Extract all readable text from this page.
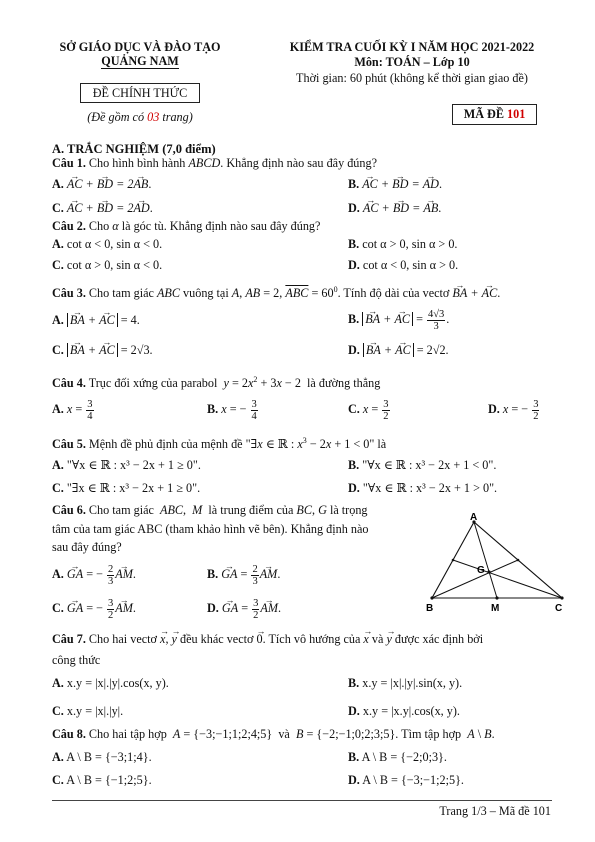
SỞ GIÁO DỤC VÀ ĐÀO TẠO
QUẢNG NAM
ĐỀ CHÍNH THỨC
(Đề gồm có 03 trang)
KIỂM TRA CUỐI KỲ I NĂM HỌC 2021-2022
Môn: TOÁN – Lớp 10
Thời gian: 60 phút (không kể thời gian giao đề)
MÃ ĐỀ 101
A. TRẮC NGHIỆM (7,0 điểm)
Câu 1. Cho hình bình hành ABCD. Khẳng định nào sau đây đúng?
A. → AC + → BD = 2→ AB.	B. → AC + → BD = → AD.
C. → AC + → BD = 2→ AD.	D. → AC + → BD = → AB.
Câu 2. Cho α là góc tù. Khẳng định nào sau đây đúng?
A. cot α < 0, sin α < 0.	B. cot α > 0, sin α > 0.
C. cot α > 0, sin α < 0.	D. cot α < 0, sin α > 0.
Câu 3. Cho tam giác ABC vuông tại A, AB = 2, $\overline{ABC} = 60^0$. Tính độ dài của vectơ → BA + → AC.
A. → BA + → AC = 4.	B. → BA + → AC = $\frac{4√3}{3}$ .
C. → BA + → AC = 2√3.	D. → BA + → AC = 2√2.
Câu 4. Trục đối xứng của parabol  $y = 2x^2 + 3x - 2$  là đường thẳng
A. $x = \frac{3}{4}$	B. x = − $\frac{3}{4}$	C. $x = \frac{3}{2}$	D. x = − $\frac{3}{2}$
Câu 5. Mệnh đề phủ định của mệnh đề "∃x ∈ ℝ : $x^3 - 2x + 1 < 0$" là
A. "∀x ∈ ℝ : x³ − 2x + 1 ≥ 0".	B. "∀x ∈ ℝ : x³ − 2x + 1 < 0".
C. "∃x ∈ ℝ : x³ − 2x + 1 ≥ 0".	D. "∀x ∈ ℝ : x³ − 2x + 1 > 0".
Câu 6. Cho tam giác  ABC,  M  là trung điểm của BC, G là trọng
tâm của tam giác ABC (tham khảo hình vẽ bên). Khẳng định nào
sau đây đúng?
A. → GA = − $\frac{2}{3}$ → AM.	B. → GA = $\frac{2}{3}$ → AM.
C. → GA = − $\frac{3}{2}$ → AM.	D. → GA = $\frac{3}{2}$ → AM.
A
B	C
M
G
Câu 7. Cho hai vectơ → x, → y đều khác vectơ → 0. Tích vô hướng của → x và → y được xác định bởi
công thức
A. x.y = |x|.|y|.cos(x, y).	B. x.y = |x|.|y|.sin(x, y).
C. x.y = |x|.|y|.	D. x.y = |x.y|.cos(x, y).
Câu 8. Cho hai tập hợp  A = {−3;−1;1;2;4;5}  và  B = {−2;−1;0;2;3;5}. Tìm tập hợp  A \ B.
A. A \ B = {−3;1;4}.	B. A \ B = {−2;0;3}.
C. A \ B = {−1;2;5}.	D. A \ B = {−3;−1;2;5}.
Trang 1/3 – Mã đề 101
